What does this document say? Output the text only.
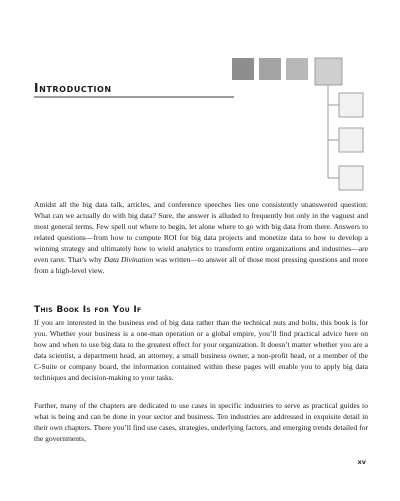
Introduction

Amidst all the big data talk, articles, and conference speeches lies one consistently unanswered question: What can we actually do with big data? Sure, the answer is alluded to frequently but only in the vaguest and most general terms. Few spell out where to begin, let alone where to go with big data from there. Answers to related questions—from how to compute ROI for big data projects and monetize data to how to develop a winning strategy and ultimately how to wield analytics to transform entire organizations and industries—are even rarer. That’s why Data Divination was written—to answer all of those most pressing questions and more from a high-level view.

This Book Is for You If

If you are interested in the business end of big data rather than the technical nuts and bolts, this book is for you. Whether your business is a one-man operation or a global empire, you’ll find practical advice here on how and when to use big data to the greatest effect for your organization. It doesn’t matter whether you are a data scientist, a department head, an attorney, a small business owner, a non-profit head, or a member of the C-Suite or company board, the information contained within these pages will enable you to apply big data techniques and decision-making to your tasks.

Further, many of the chapters are dedicated to use cases in specific industries to serve as practical guides to what is being and can be done in your sector and business. Ten industries are addressed in exquisite detail in their own chapters. There you’ll find use cases, strategies, underlying factors, and emerging trends detailed for the governments,

xv
